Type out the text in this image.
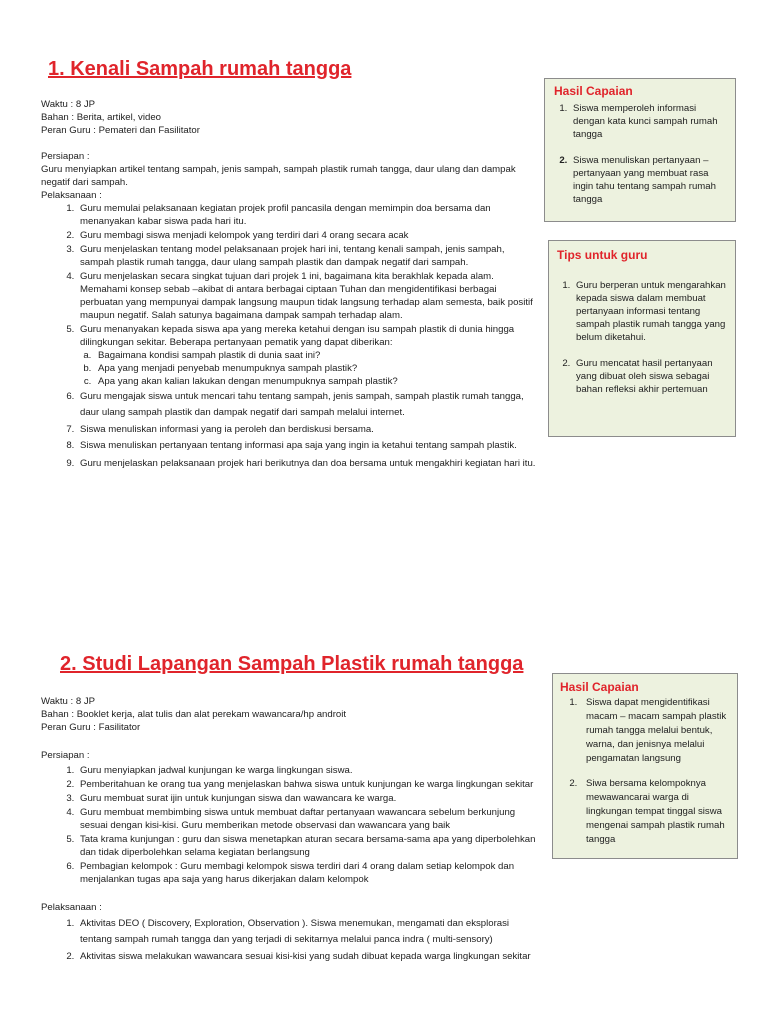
1. Kenali Sampah rumah tangga

Waktu : 8 JP

Bahan : Berita, artikel, video

Peran Guru : Pemateri dan Fasilitator

Persiapan :

Guru menyiapkan artikel tentang sampah, jenis sampah, sampah plastik rumah tangga, daur ulang dan dampak negatif dari sampah.

Pelaksanaan :

1. Guru memulai pelaksanaan kegiatan projek profil pancasila dengan memimpin doa bersama dan menanyakan kabar siswa pada hari itu.
2. Guru membagi siswa menjadi kelompok yang terdiri dari 4 orang secara acak
3. Guru menjelaskan tentang model pelaksanaan projek hari ini, tentang kenali sampah, jenis sampah, sampah plastik rumah tangga, daur ulang sampah plastik dan dampak negatif dari sampah.
4. Guru menjelaskan secara singkat tujuan dari projek 1 ini, bagaimana kita berakhlak kepada alam. Memahami konsep sebab –akibat di antara berbagai ciptaan Tuhan dan mengidentifikasi berbagai perbuatan yang mempunyai dampak langsung maupun tidak langsung terhadap alam semesta, baik positif maupun negatif. Salah satunya bagaimana dampak sampah terhadap alam.
5. Guru menanyakan kepada siswa apa yang mereka ketahui dengan isu sampah plastik di dunia hingga dilingkungan sekitar. Beberapa pertanyaan pematik yang dapat diberikan:
a. Bagaimana kondisi sampah plastik di dunia saat ini?
b. Apa yang menjadi penyebab menumpuknya sampah plastik?
c. Apa yang akan kalian lakukan dengan menumpuknya sampah plastik?
6. Guru mengajak siswa untuk mencari tahu tentang sampah, jenis sampah, sampah plastik rumah tangga, daur ulang sampah plastik dan dampak negatif dari sampah melalui internet.
7. Siswa menuliskan informasi yang ia peroleh dan berdiskusi bersama.
8. Siswa menuliskan pertanyaan tentang informasi apa saja yang ingin ia ketahui tentang sampah plastik.
9. Guru menjelaskan pelaksanaan projek hari berikutnya dan doa bersama untuk mengakhiri kegiatan hari itu.

Hasil Capaian

1. Siswa memperoleh informasi dengan kata kunci sampah rumah tangga
2. Siswa menuliskan pertanyaan – pertanyaan yang membuat rasa ingin tahu tentang sampah rumah tangga

Tips untuk guru

1. Guru berperan untuk mengarahkan kepada siswa dalam membuat pertanyaan informasi tentang sampah plastik rumah tangga yang belum diketahui.
2. Guru mencatat hasil pertanyaan yang dibuat oleh siswa sebagai bahan refleksi akhir pertemuan
2. Studi Lapangan Sampah Plastik rumah tangga

Waktu : 8 JP

Bahan : Booklet kerja, alat tulis dan alat perekam wawancara/hp androit

Peran Guru : Fasilitator

Persiapan :

1. Guru menyiapkan jadwal kunjungan ke warga lingkungan siswa.
2. Pemberitahuan ke orang tua yang menjelaskan bahwa siswa untuk kunjungan ke warga lingkungan sekitar
3. Guru membuat surat ijin untuk kunjungan siswa dan wawancara ke warga.
4. Guru membuat membimbing siswa untuk membuat daftar pertanyaan wawancara sebelum berkunjung sesuai dengan kisi-kisi. Guru memberikan metode observasi dan wawancara yang baik
5. Tata krama kunjungan : guru dan siswa menetapkan aturan secara bersama-sama apa yang diperbolehkan dan tidak diperbolehkan selama kegiatan berlangsung
6. Pembagian kelompok : Guru membagi kelompok siswa terdiri dari 4 orang dalam setiap kelompok dan menjalankan tugas apa saja yang harus dikerjakan dalam kelompok

Pelaksanaan :

1. Aktivitas DEO ( Discovery, Exploration, Observation ). Siswa menemukan, mengamati dan eksplorasi tentang sampah rumah tangga dan yang terjadi di sekitarnya melalui panca indra ( multi-sensory)
2. Aktivitas siswa melakukan wawancara sesuai kisi-kisi yang sudah dibuat kepada warga lingkungan sekitar

Hasil Capaian

1. Siswa dapat mengidentifikasi macam – macam sampah plastik rumah tangga melalui bentuk, warna, dan jenisnya melalui pengamatan langsung
2. Siwa bersama kelompoknya mewawancarai warga di lingkungan tempat tinggal siswa mengenai sampah plastik rumah tangga
